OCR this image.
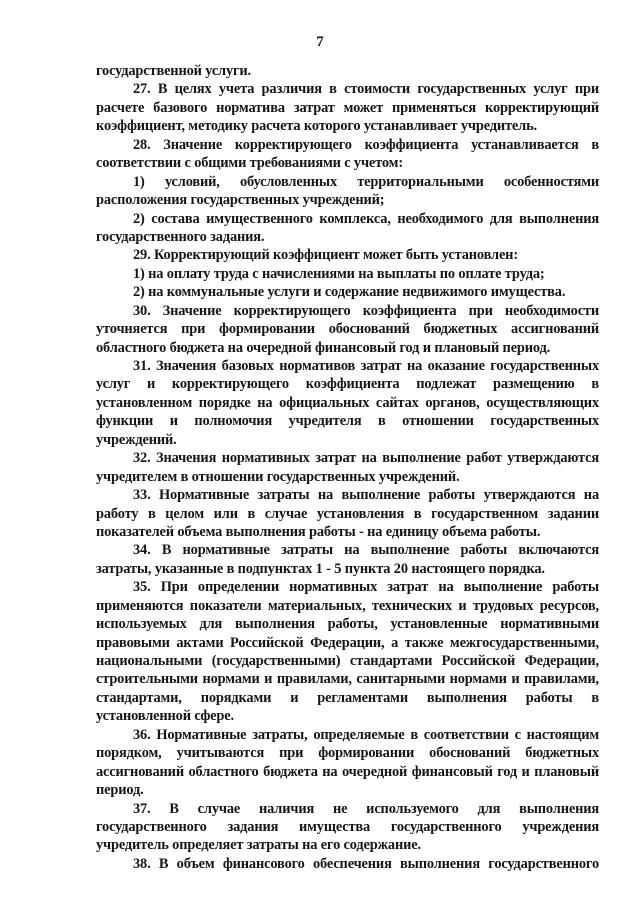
7
государственной услуги.
27. В целях учета различия в стоимости государственных услуг при
расчете базового норматива затрат может применяться корректирующий
коэффициент, методику расчета которого устанавливает учредитель.
28. Значение корректирующего коэффициента устанавливается в
соответствии с общими требованиями с учетом:
1) условий, обусловленных территориальными особенностями
расположения государственных учреждений;
2) состава имущественного комплекса, необходимого для выполнения
государственного задания.
29. Корректирующий коэффициент может быть установлен:
1) на оплату труда с начислениями на выплаты по оплате труда;
2) на коммунальные услуги и содержание недвижимого имущества.
30. Значение корректирующего коэффициента при необходимости
уточняется при формировании обоснований бюджетных ассигнований
областного бюджета на очередной финансовый год и плановый период.
31. Значения базовых нормативов затрат на оказание государственных
услуг и корректирующего коэффициента подлежат размещению в
установленном порядке на официальных сайтах органов, осуществляющих
функции и полномочия учредителя в отношении государственных
учреждений.
32. Значения нормативных затрат на выполнение работ утверждаются
учредителем в отношении государственных учреждений.
33. Нормативные затраты на выполнение работы утверждаются на
работу в целом или в случае установления в государственном задании
показателей объема выполнения работы - на единицу объема работы.
34. В нормативные затраты на выполнение работы включаются
затраты, указанные в подпунктах 1 - 5 пункта 20 настоящего порядка.
35. При определении нормативных затрат на выполнение работы
применяются показатели материальных, технических и трудовых ресурсов,
используемых для выполнения работы, установленные нормативными
правовыми актами Российской Федерации, а также межгосударственными,
национальными (государственными) стандартами Российской Федерации,
строительными нормами и правилами, санитарными нормами и правилами,
стандартами, порядками и регламентами выполнения работы в
установленной сфере.
36. Нормативные затраты, определяемые в соответствии с настоящим
порядком, учитываются при формировании обоснований бюджетных
ассигнований областного бюджета на очередной финансовый год и плановый
период.
37. В случае наличия не используемого для выполнения
государственного задания имущества государственного учреждения
учредитель определяет затраты на его содержание.
38. В объем финансового обеспечения выполнения государственного
